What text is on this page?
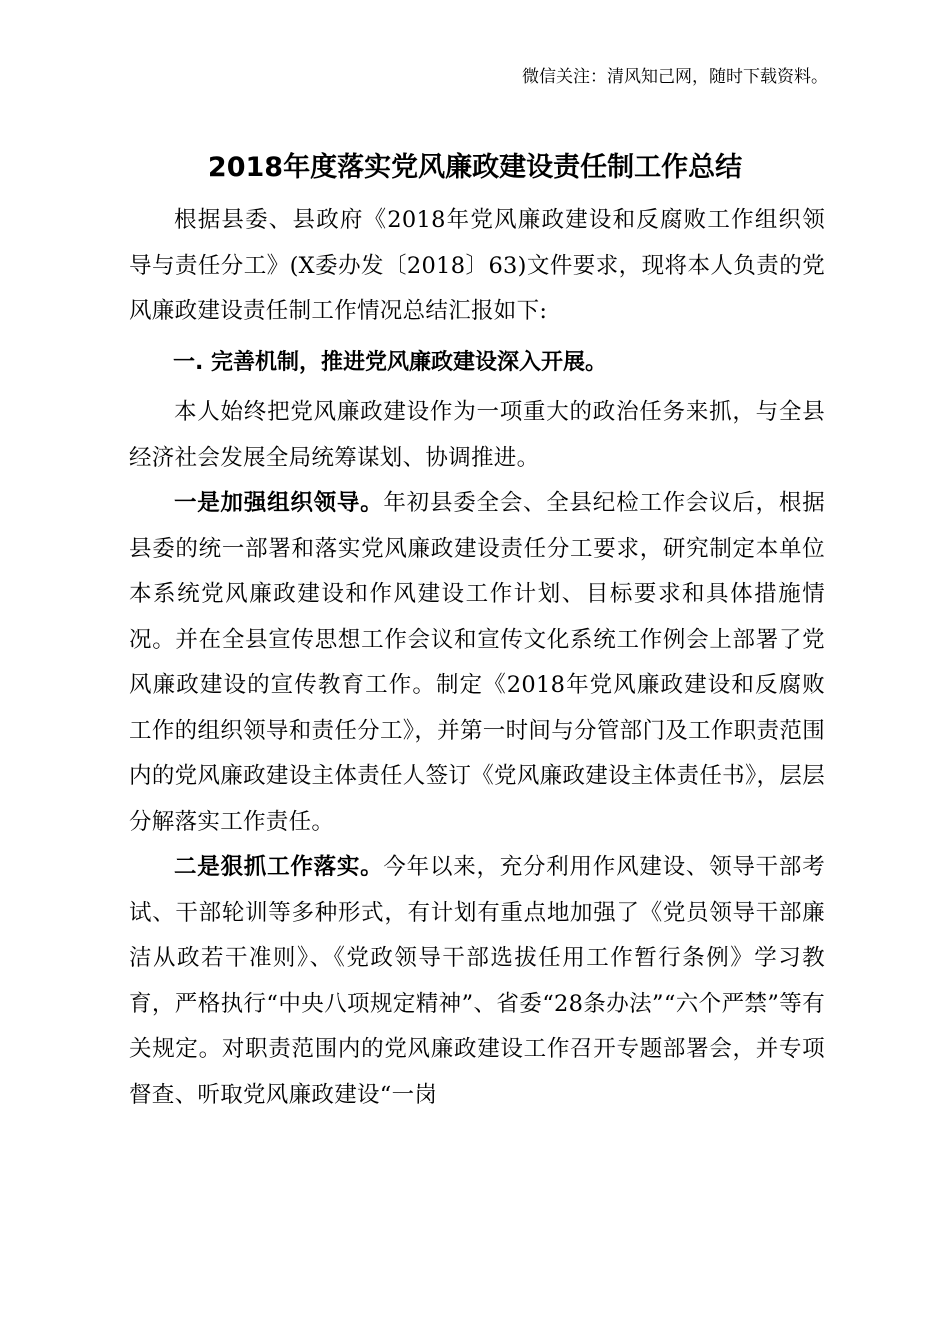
微信关注：清风知己网，随时下载资料。
2018年度落实党风廉政建设责任制工作总结

根据县委、县政府《2018年党风廉政建设和反腐败工作组织领导与责任分工》(X委办发〔2018〕63)文件要求，现将本人负责的党风廉政建设责任制工作情况总结汇报如下:

一. 完善机制，推进党风廉政建设深入开展。

本人始终把党风廉政建设作为一项重大的政治任务来抓，与全县经济社会发展全局统筹谋划、协调推进。

一是加强组织领导。年初县委全会、全县纪检工作会议后，根据县委的统一部署和落实党风廉政建设责任分工要求，研究制定本单位本系统党风廉政建设和作风建设工作计划、目标要求和具体措施情况。并在全县宣传思想工作会议和宣传文化系统工作例会上部署了党风廉政建设的宣传教育工作。制定《2018年党风廉政建设和反腐败工作的组织领导和责任分工》，并第一时间与分管部门及工作职责范围内的党风廉政建设主体责任人签订《党风廉政建设主体责任书》，层层分解落实工作责任。

二是狠抓工作落实。今年以来，充分利用作风建设、领导干部考试、干部轮训等多种形式，有计划有重点地加强了《党员领导干部廉洁从政若干准则》、《党政领导干部选拔任用工作暂行条例》学习教育，严格执行“中央八项规定精神”、省委“28条办法”“六个严禁”等有关规定。对职责范围内的党风廉政建设工作召开专题部署会，并专项督查、听取党风廉政建设“一岗
